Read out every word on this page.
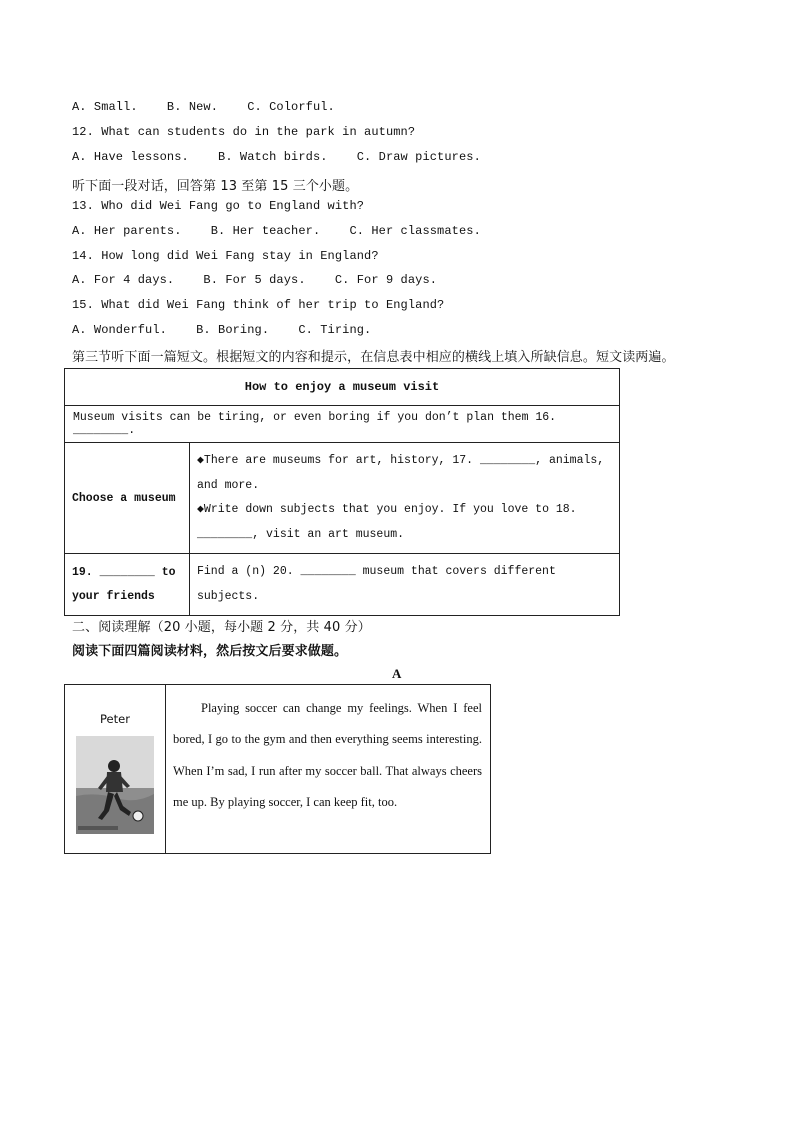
A. Small.    B. New.    C. Colorful.
12. What can students do in the park in autumn?
A. Have lessons.    B. Watch birds.    C. Draw pictures.
听下面一段对话，回答第 13 至第 15 三个小题。
13. Who did Wei Fang go to England with?
A. Her parents.    B. Her teacher.    C. Her classmates.
14. How long did Wei Fang stay in England?
A. For 4 days.    B. For 5 days.    C. For 9 days.
15. What did Wei Fang think of her trip to England?
A. Wonderful.    B. Boring.    C. Tiring.
第三节听下面一篇短文。根据短文的内容和提示，在信息表中相应的横线上填入所缺信息。短文读两遍。
How to enjoy a museum visit	
Museum visits can be tiring, or even boring if you don’t plan them 16. ________.	
Choose a museum	◆There are museums for art, history, 17. ________, animals, and more.
◆Write down subjects that you enjoy. If you love to 18. ________, visit an art museum.

19. ________ to your friends	Find a (n) 20. ________ museum that covers different subjects.
二、阅读理解（20 小题，每小题 2 分，共 40 分）
阅读下面四篇阅读材料，然后按文后要求做题。
A
Peter
	Playing soccer can change my feelings. When I feel bored, I go to the gym and then everything seems interesting. When I’m sad, I run after my soccer ball. That always cheers me up. By playing soccer, I can keep fit, too.
